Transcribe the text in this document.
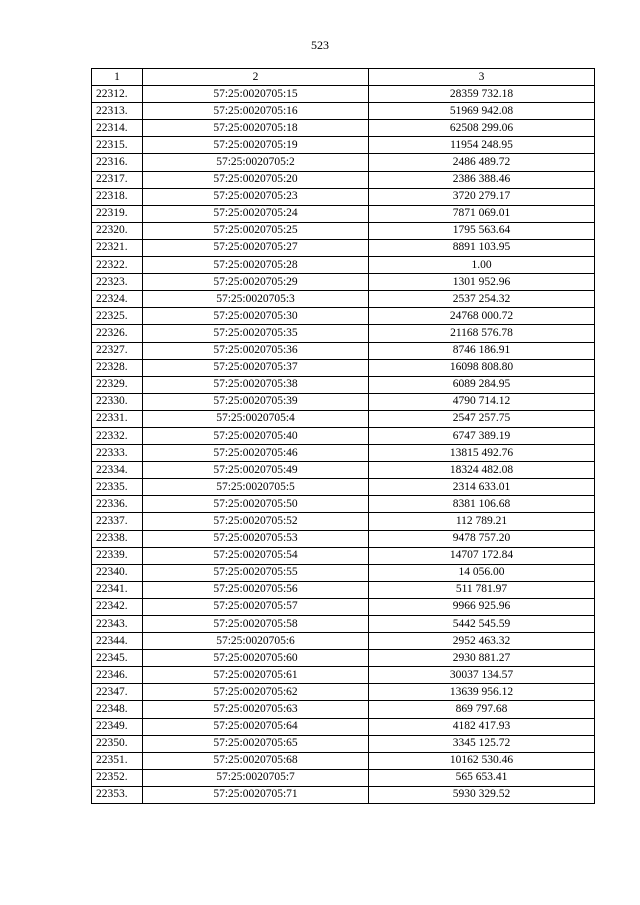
523
1	2	3
22312.	57:25:0020705:15	28359 732.18
22313.	57:25:0020705:16	51969 942.08
22314.	57:25:0020705:18	62508 299.06
22315.	57:25:0020705:19	11954 248.95
22316.	57:25:0020705:2	2486 489.72
22317.	57:25:0020705:20	2386 388.46
22318.	57:25:0020705:23	3720 279.17
22319.	57:25:0020705:24	7871 069.01
22320.	57:25:0020705:25	1795 563.64
22321.	57:25:0020705:27	8891 103.95
22322.	57:25:0020705:28	1.00
22323.	57:25:0020705:29	1301 952.96
22324.	57:25:0020705:3	2537 254.32
22325.	57:25:0020705:30	24768 000.72
22326.	57:25:0020705:35	21168 576.78
22327.	57:25:0020705:36	8746 186.91
22328.	57:25:0020705:37	16098 808.80
22329.	57:25:0020705:38	6089 284.95
22330.	57:25:0020705:39	4790 714.12
22331.	57:25:0020705:4	2547 257.75
22332.	57:25:0020705:40	6747 389.19
22333.	57:25:0020705:46	13815 492.76
22334.	57:25:0020705:49	18324 482.08
22335.	57:25:0020705:5	2314 633.01
22336.	57:25:0020705:50	8381 106.68
22337.	57:25:0020705:52	112 789.21
22338.	57:25:0020705:53	9478 757.20
22339.	57:25:0020705:54	14707 172.84
22340.	57:25:0020705:55	14 056.00
22341.	57:25:0020705:56	511 781.97
22342.	57:25:0020705:57	9966 925.96
22343.	57:25:0020705:58	5442 545.59
22344.	57:25:0020705:6	2952 463.32
22345.	57:25:0020705:60	2930 881.27
22346.	57:25:0020705:61	30037 134.57
22347.	57:25:0020705:62	13639 956.12
22348.	57:25:0020705:63	869 797.68
22349.	57:25:0020705:64	4182 417.93
22350.	57:25:0020705:65	3345 125.72
22351.	57:25:0020705:68	10162 530.46
22352.	57:25:0020705:7	565 653.41
22353.	57:25:0020705:71	5930 329.52
